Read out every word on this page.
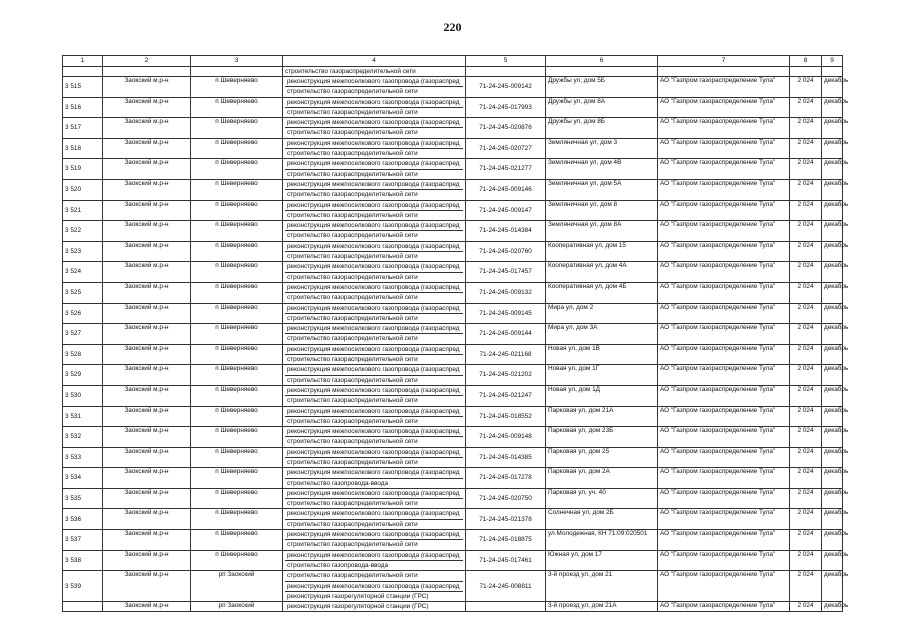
220
1	2	3	4	5	6	7	8	9
			строительство газораспределительной сети					
3 515	Заокский м.р-н	п Шеверняево	реконструкция межпоселкового газопровода (газораспред
строительство газораспределительной сети	71-24-245-009142	Дружбы ул, дом 5Б	АО "Газпром газораспределение Тула"	2 024	декабрь
3 516	Заокский м.р-н	п Шеверняево	реконструкция межпоселкового газопровода (газораспред
строительство газораспределительной сети	71-24-245-017993	Дружбы ул, дом 8А	АО "Газпром газораспределение Тула"	2 024	декабрь
3 517	Заокский м.р-н	п Шеверняево	реконструкция межпоселкового газопровода (газораспред
строительство газораспределительной сети	71-24-245-020876	Дружбы ул, дом 8Б	АО "Газпром газораспределение Тула"	2 024	декабрь
3 518	Заокский м.р-н	п Шеверняево	реконструкция межпоселкового газопровода (газораспред
строительство газораспределительной сети	71-24-245-020727	Земляничная ул, дом 3	АО "Газпром газораспределение Тула"	2 024	декабрь
3 519	Заокский м.р-н	п Шеверняево	реконструкция межпоселкового газопровода (газораспред
строительство газораспределительной сети	71-24-245-021277	Земляничная ул, дом 4В	АО "Газпром газораспределение Тула"	2 024	декабрь
3 520	Заокский м.р-н	п Шеверняево	реконструкция межпоселкового газопровода (газораспред
строительство газораспределительной сети	71-24-245-009146	Земляничная ул, дом 5А	АО "Газпром газораспределение Тула"	2 024	декабрь
3 521	Заокский м.р-н	п Шеверняево	реконструкция межпоселкового газопровода (газораспред
строительство газораспределительной сети	71-24-245-009147	Земляничная ул, дом 8	АО "Газпром газораспределение Тула"	2 024	декабрь
3 522	Заокский м.р-н	п Шеверняево	реконструкция межпоселкового газопровода (газораспред
строительство газораспределительной сети	71-24-245-014384	Земляничная ул, дом 8А	АО "Газпром газораспределение Тула"	2 024	декабрь
3 523	Заокский м.р-н	п Шеверняево	реконструкция межпоселкового газопровода (газораспред
строительство газораспределительной сети	71-24-245-020760	Кооперативная ул, дом 15	АО "Газпром газораспределение Тула"	2 024	декабрь
3 524	Заокский м.р-н	п Шеверняево	реконструкция межпоселкового газопровода (газораспред
строительство газораспределительной сети	71-24-245-017457	Кооперативная ул, дом 4А	АО "Газпром газораспределение Тула"	2 024	декабрь
3 525	Заокский м.р-н	п Шеверняево	реконструкция межпоселкового газопровода (газораспред
строительство газораспределительной сети	71-24-245-009132	Кооперативная ул, дом 4Б	АО "Газпром газораспределение Тула"	2 024	декабрь
3 526	Заокский м.р-н	п Шеверняево	реконструкция межпоселкового газопровода (газораспред
строительство газораспределительной сети	71-24-245-009145	Мира ул, дом 2	АО "Газпром газораспределение Тула"	2 024	декабрь
3 527	Заокский м.р-н	п Шеверняево	реконструкция межпоселкового газопровода (газораспред
строительство газораспределительной сети	71-24-245-009144	Мира ул, дом 3А	АО "Газпром газораспределение Тула"	2 024	декабрь
3 528	Заокский м.р-н	п Шеверняево	реконструкция межпоселкового газопровода (газораспред
строительство газораспределительной сети	71-24-245-021168	Новая ул, дом 1В	АО "Газпром газораспределение Тула"	2 024	декабрь
3 529	Заокский м.р-н	п Шеверняево	реконструкция межпоселкового газопровода (газораспред
строительство газораспределительной сети	71-24-245-021202	Новая ул, дом 1Г	АО "Газпром газораспределение Тула"	2 024	декабрь
3 530	Заокский м.р-н	п Шеверняево	реконструкция межпоселкового газопровода (газораспред
строительство газораспределительной сети	71-24-245-021247	Новая ул, дом 1Д	АО "Газпром газораспределение Тула"	2 024	декабрь
3 531	Заокский м.р-н	п Шеверняево	реконструкция межпоселкового газопровода (газораспред
строительство газораспределительной сети	71-24-245-018552	Парковая ул, дом 21А	АО "Газпром газораспределение Тула"	2 024	декабрь
3 532	Заокский м.р-н	п Шеверняево	реконструкция межпоселкового газопровода (газораспред
строительство газораспределительной сети	71-24-245-009148	Парковая ул, дом 23Б	АО "Газпром газораспределение Тула"	2 024	декабрь
3 533	Заокский м.р-н	п Шеверняево	реконструкция межпоселкового газопровода (газораспред
строительство газораспределительной сети	71-24-245-014385	Парковая ул, дом 25	АО "Газпром газораспределение Тула"	2 024	декабрь
3 534	Заокский м.р-н	п Шеверняево	реконструкция межпоселкового газопровода (газораспред
строительство газопровода-ввода	71-24-245-017278	Парковая ул, дом 2А	АО "Газпром газораспределение Тула"	2 024	декабрь
3 535	Заокский м.р-н	п Шеверняево	реконструкция межпоселкового газопровода (газораспред
строительство газораспределительной сети	71-24-245-020750	Парковая ул, уч. 40	АО "Газпром газораспределение Тула"	2 024	декабрь
3 536	Заокский м.р-н	п Шеверняево	реконструкция межпоселкового газопровода (газораспред
строительство газораспределительной сети	71-24-245-021378	Солнечная ул, дом 2Б	АО "Газпром газораспределение Тула"	2 024	декабрь
3 537	Заокский м.р-н	п Шеверняево	реконструкция межпоселкового газопровода (газораспред
строительство газораспределительной сети	71-24-245-018875	ул.Молодежная, КН 71:09:020501	АО "Газпром газораспределение Тула"	2 024	декабрь
3 538	Заокский м.р-н	п Шеверняево	реконструкция межпоселкового газопровода (газораспред
строительство газопровода-ввода	71-24-245-017461	Южная ул, дом 17	АО "Газпром газораспределение Тула"	2 024	декабрь
3 539	Заокский м.р-н	рп Заокский	строительство газораспределительной сети
реконструкция межпоселкового газопровода (газораспред
реконструкция газорегуляторной станции (ГРС)	71-24-245-008811	3-й проезд ул, дом 21	АО "Газпром газораспределение Тула"	2 024	декабрь
	Заокский м.р-н	рп Заокский	реконструкция газорегуляторной станции (ГРС)		3-й проезд ул, дом 21А	АО "Газпром газораспределение Тула"	2 024	декабрь
